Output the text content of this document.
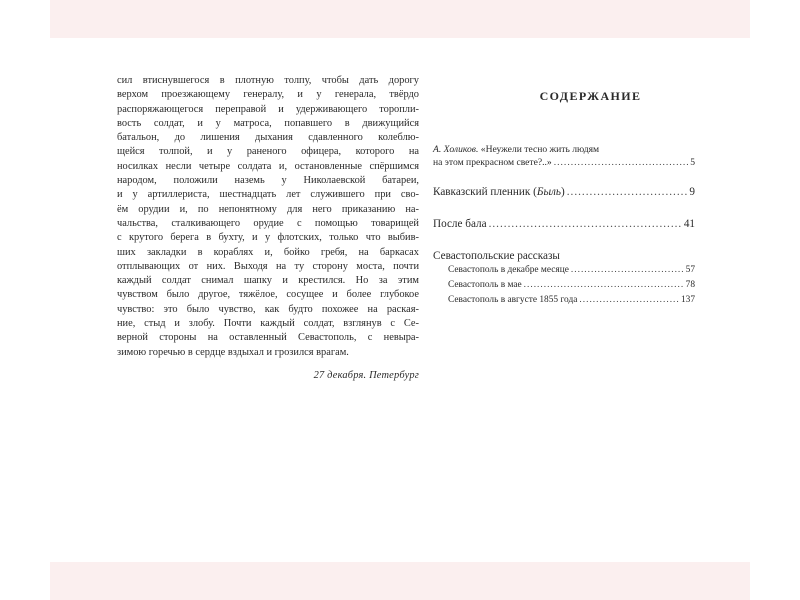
сил втиснувшегося в плотную толпу, чтобы дать дорогу
верхом проезжающему генералу, и у генерала, твёрдо
распоряжающегося переправой и удерживающего торопли-
вость солдат, и у матроса, попавшего в движущийся
батальон, до лишения дыхания сдавленного колеблю-
щейся толпой, и у раненого офицера, которого на
носилках несли четыре солдата и, остановленные спёршимся
народом, положили наземь у Николаевской батареи,
и у артиллериста, шестнадцать лет служившего при сво-
ём орудии и, по непонятному для него приказанию на-
чальства, сталкивающего орудие с помощью товарищей
с крутого берега в бухту, и у флотских, только что выбив-
ших закладки в кораблях и, бойко гребя, на баркасах
отплывающих от них. Выходя на ту сторону моста, почти
каждый солдат снимал шапку и крестился. Но за этим
чувством было другое, тяжёлое, сосущее и более глубокое
чувство: это было чувство, как будто похожее на раская-
ние, стыд и злобу. Почти каждый солдат, взглянув с Се-
верной стороны на оставленный Севастополь, с невыра-
зимою горечью в сердце вздыхал и грозился врагам.
27 декабря. Петербург
СОДЕРЖАНИЕ
А. Холиков. «Неужели тесно жить людям
на этом прекрасном свете?..» .....	5
Кавказский пленник (Быль) .....	9
После бала .....	41
Севастопольские рассказы
Севастополь в декабре месяце .....	57
Севастополь в мае .....	78
Севастополь в августе 1855 года .....	137
